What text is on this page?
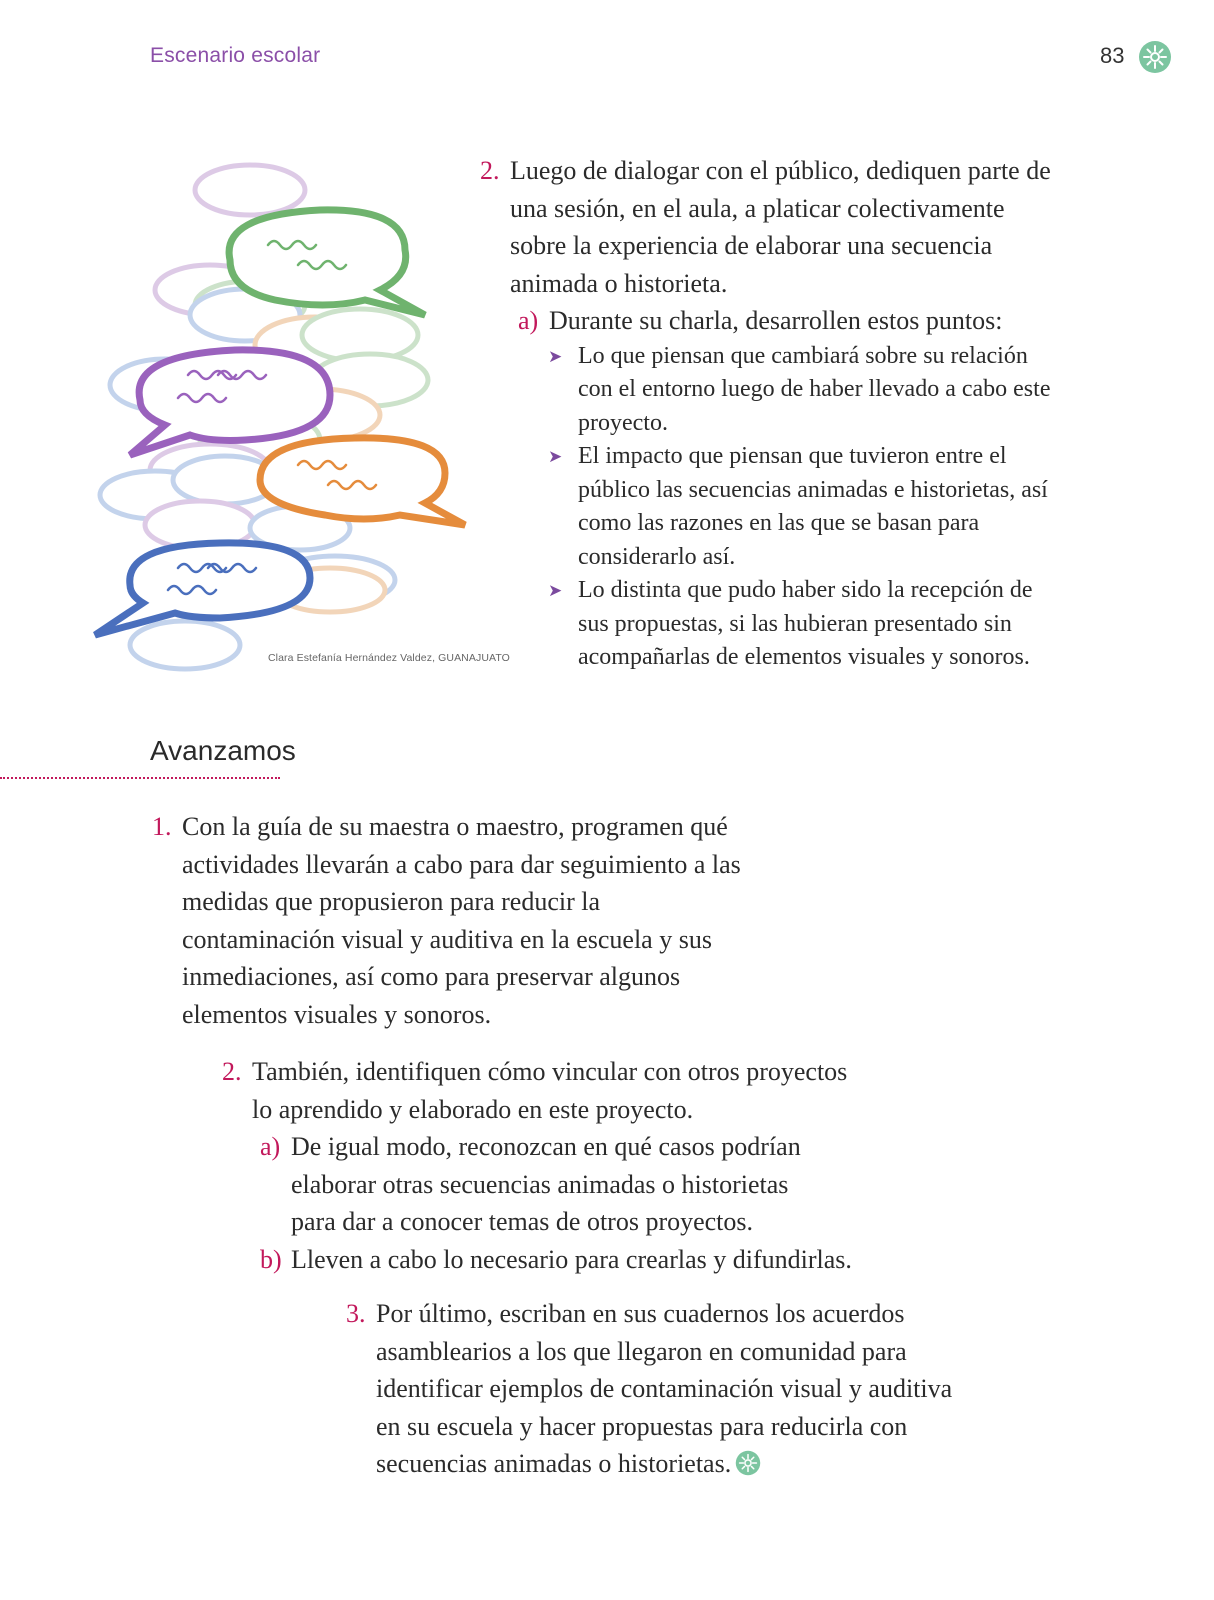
Escenario escolar	83
Clara Estefanía Hernández Valdez, GUANAJUATO
2. Luego de dialogar con el público, dediquen parte de una sesión, en el aula, a platicar colectivamente sobre la experiencia de elaborar una secuencia animada o historieta.
a) Durante su charla, desarrollen estos puntos:
➤ Lo que piensan que cambiará sobre su relación con el entorno luego de haber llevado a cabo este proyecto.
➤ El impacto que piensan que tuvieron entre el público las secuencias animadas e historietas, así como las razones en las que se basan para considerarlo así.
➤ Lo distinta que pudo haber sido la recepción de sus propuestas, si las hubieran presentado sin acompañarlas de elementos visuales y sonoros.
Avanzamos
1. Con la guía de su maestra o maestro, programen qué actividades llevarán a cabo para dar seguimiento a las medidas que propusieron para reducir la contaminación visual y auditiva en la escuela y sus inmediaciones, así como para preservar algunos elementos visuales y sonoros.
2. También, identifiquen cómo vincular con otros proyectos lo aprendido y elaborado en este proyecto.
a) De igual modo, reconozcan en qué casos podrían elaborar otras secuencias animadas o historietas para dar a conocer temas de otros proyectos.
b) Lleven a cabo lo necesario para crearlas y difundirlas.
3. Por último, escriban en sus cuadernos los acuerdos asamblearios a los que llegaron en comunidad para identificar ejemplos de contaminación visual y auditiva en su escuela y hacer propuestas para reducirla con secuencias animadas o historietas.
